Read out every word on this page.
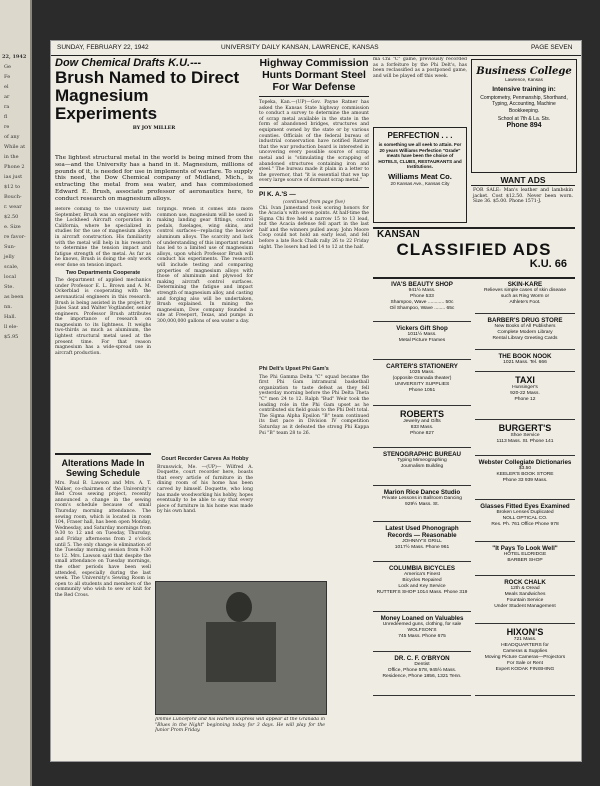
22, 1942
Ge
Fe
el
ar
ra
fl
re
of any
While at
in the
Phone 2
ias just
$12 to
Bouch-
r. wear
$2.50
e. Size
re favor-
Sun-
jelly
scale,
local
Ste.
as been
nn.
Hall.
ll ele-
$5.95
SUNDAY, FEBRUARY 22, 1942	UNIVERSITY DAILY KANSAN, LAWRENCE, KANSAS	PAGE SEVEN
Dow Chemical Drafts K.U.---
Brush Named to Direct Magnesium Experiments
BY JOY MILLER
The lightest structural metal in the world is being mined from the sea—and the University has a hand in it. Magnesium, millions of pounds of it, is needed for use in implements of warfare. To supply this need, the Dow Chemical company of Midland, Mich., is extracting the metal from sea water, and has commissioned Edward E. Brush, associate professor of aeronautics here, to conduct research on magnesium alloys.

Before coming to the University last September, Brush was an engineer with the Lockheed Aircraft corporation in California, where he specialized in studies for the use of magnesium alloys in aircraft construction. His familiarity with the metal will help in his research to determine the tension impact and fatigue strength of the metal. As far as he knows, Brush is doing the only work ever done on tension impact.

Two Departments Cooperate

The department of applied mechanics under Professor E. L. Brown and A. M. Ockerblad is cooperating with the aeronautical engineers in this research. Brush is being assisted in the project by Jules Saut and Walter Vogtlander, senior engineers. Professor Brush attributes the importance of research on magnesium to its lightness. It weighs two-thirds as much as aluminum, the lightest structural metal used at the present time. For that reason magnesium has a wide-spread use in aircraft production.

forgings. When it comes into more common use, magnesium will be used in making landing gear fittings, control pedals, fuselages, wing skins, and control surfaces—replacing the heavier aluminum alloys. The scarcity and lack of understanding of this important metal has led to a limited use of magnesium alloys, upon which Professor Brush will conduct his experiments. The research will include testing and comparing properties of magnesium alloys with those of aluminum and plywood for making aircraft control surfaces. Determining the fatigue and impact strength of magnesium alloy, and casting and forging also will be undertaken, Brush explained. In mining the magnesium, Dow company founded a site at Freeport, Texas, and pumps in 300,000,000 gallons of sea water a day.

Court Recorder Carves As Hobby

Brunswick, Me. —(UP)— Wilfred A. Doquette, court recorder here, boasts that every article of furniture in the dining room of his home has been carved by himself. Doquette, who long has made woodworking his hobby, hopes eventually to be able to say that every piece of furniture in his home was made by his own hand.

Alterations Made In Sewing Schedule
Mrs. Paul B. Lawson and Mrs. A. T. Walker, co-chairmen of the University's Red Cross sewing project, recently announced a change in the sewing room's schedule because of small Thursday morning attendance. The sewing room, which is located in room 104, Fraser hall, has been open Monday, Wednesday, and Saturday mornings from 9:30 to 12 and on Tuesday, Thursday, and Friday afternoons from 2 o'clock until 5. The only change is elimination of the Tuesday morning session from 9:30 to 12. Mrs. Lawson said that despite the small attendance on Tuesday mornings, the other periods have been well attended, especially during the last week. The University's Sewing Room is open to all students and members of the community who wish to sew or knit for the Red Cross.
Jimmie Lunceford and his Harlem Express will appear at the Granada in "Blues in the Night" beginning today for 3 days. He will play for the Junior Prom Friday.
Highway Commission Hunts Dormant Steel For War Defense
Topeka, Kan.—(UP)—Gov. Payne Ratner has asked the Kansas State highway commission to conduct a survey to determine the amount of scrap metal available in the state in the form of abandoned bridges, structures and equipment owned by the state or by various counties. Officials of the federal bureau of industrial conservation have notified Ratner that the war production board is interested in uncovering every possible source of scrap metal and is "stimulating the scrapping of abandoned structures containing iron and steel." The bureau made it plain in a letter to the governor, that "it is essential that we tap every large source of dormant scrap metal."
PI K. A.'S —
(continued from page five)
Chi. Ivan Jamestand took scoring honors for the Acacia's with seven points. At half-time the Sigma Chi five held a narrow 15 to 13 lead, but the Acacia defense fell apart in the last half and the winners pulled away. John Moore Coop could not hold an early lead, and fell before a late Rock Chalk rally 26 to 22 Friday night. The losers had led 14 to 12 at the half.
Phi Delt's Upset Phi Gam's

The Phi Gamma Delta "C" squad became the first Phi Gam intramural basketball organization to taste defeat as they fell yesterday morning before the Phi Delta Theta "C" men 24 to 12. Ralph "Bud" Weir took the leading role in the Phi Gam upset as he contributed six field goals to the Phi Delt total. The Sigma Alpha Epsilon "B" team continued its fast pace in Division IV competition Saturday as it defeated the strong Phi Kappa Psi "B" team 28 to 26.

ma Chi "C" game, previously recorded as a forfeiture by the Phi Delt's, has been reclassified as a postponed game, and will be played off this week.
PERFECTION . . .
is something we all seek to attain. For 20 years Williams Perfection "Grade" meats have been the choice of HOTELS, CLUBS, RESTAURANTS and Institutions.
Williams Meat Co.
20 Kansas Ave., Kansas City
Business College
Lawrence, Kansas
Intensive training in:
Comptometry, Penmanship, Shorthand, Typing, Accounting, Machine Bookkeeping.
School at 7th & La. Sts.
Phone 894
WANT ADS
FOR SALE: Man's leather and lambskin jacket. Cost $12.50. Never been worn. Size 36. $5.00. Phone 1571-J.
KANSAN
CLASSIFIED ADS
K.U. 66
IVA'S BEAUTY SHOP
941½ Mass.
Phone 533
Shampoo, Wave ............ 50c
Oil Shampoo, Wave ........ 65c
Vickers Gift Shop
1011½ Mass.
Metal Picture Frames
CARTER'S STATIONERY
1025 Mass.
(opposite Granada theater)
UNIVERSITY SUPPLIES
Phone 1051
ROBERTS
Jewelry and Gifts
833 Mass.
Phone 827
STENOGRAPHIC BUREAU
Typing Mimeographing
Journalism Building
Marion Rice Dance Studio
Private Lessons in Ballroom Dancing
929½ Mass. St.
Latest Used Phonograph Records — Reasonable
JOHNNY'S GRILL
1017½ Mass. Phone 961
COLUMBIA BICYCLES
America's Finest
Bicycles Repaired
Lock and Key Service
RUTTER'S SHOP 1014 Mass. Phone 319
Money Loaned on Valuables
Unredeemed guns, clothing, for sale
WOLFSON'S
745 Mass. Phone 675
DR. C. F. O'BRYON
Dentist
Office, Phone 578, 945½ Mass.
Residence, Phone 1856, 1321 Tenn.
SKIN-KARE
Relieves simple cases of skin disease
such as Ring Worm or
Athlete's Foot.
BARBER'S DRUG STORE
New Books of All Publishers
Complete Modern Library
Rental Library Greeting Cards
THE BOOK NOOK
1021 Mass. Tel. 666
TAXI
Hunsinger's
920-22 Mass.
Phone 12
BURGERT'S
Shoe Service
1113 Mass. St. Phone 141
Webster Collegiate Dictionaries
$3.50
KEELER'S BOOK STORE
Phone 33 939 Mass.
Glasses Fitted Eyes Examined
Broken Lenses Duplicated
NOLL OPTICAL CO.
Res. Ph. 761 Office Phone 978
"It Pays To Look Well"
HOTEL ELDRIDGE
BARBER SHOP
ROCK CHALK
12th & Oread
Meals Sandwiches
Fountain Service
Under Student Management
HIXON'S
721 Mass.
HEADQUARTERS for
Cameras & Supplies
Moving Picture Cameras—Projectors
For Sale or Rent
Expert KODAK FINISHING
